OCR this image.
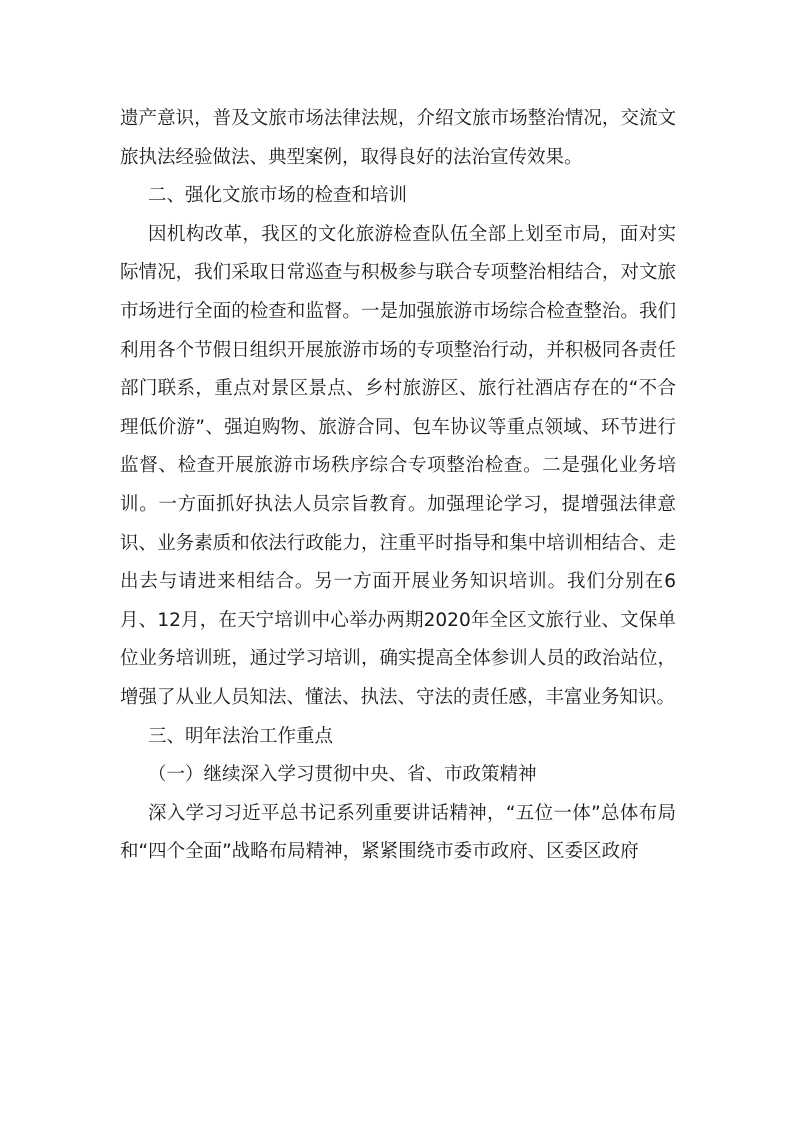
遗产意识，普及文旅市场法律法规，介绍文旅市场整治情况，交流文旅执法经验做法、典型案例，取得良好的法治宣传效果。

二、强化文旅市场的检查和培训

因机构改革，我区的文化旅游检查队伍全部上划至市局，面对实际情况，我们采取日常巡查与积极参与联合专项整治相结合，对文旅市场进行全面的检查和监督。一是加强旅游市场综合检查整治。我们利用各个节假日组织开展旅游市场的专项整治行动，并积极同各责任部门联系，重点对景区景点、乡村旅游区、旅行社酒店存在的“不合理低价游”、强迫购物、旅游合同、包车协议等重点领域、环节进行监督、检查开展旅游市场秩序综合专项整治检查。二是强化业务培训。一方面抓好执法人员宗旨教育。加强理论学习，提增强法律意识、业务素质和依法行政能力，注重平时指导和集中培训相结合、走出去与请进来相结合。另一方面开展业务知识培训。我们分别在6月、12月，在天宁培训中心举办两期2020年全区文旅行业、文保单位业务培训班，通过学习培训，确实提高全体参训人员的政治站位，增强了从业人员知法、懂法、执法、守法的责任感，丰富业务知识。

三、明年法治工作重点

（一）继续深入学习贯彻中央、省、市政策精神

深入学习习近平总书记系列重要讲话精神，“五位一体”总体布局和“四个全面”战略布局精神，紧紧围绕市委市政府、区委区政府
